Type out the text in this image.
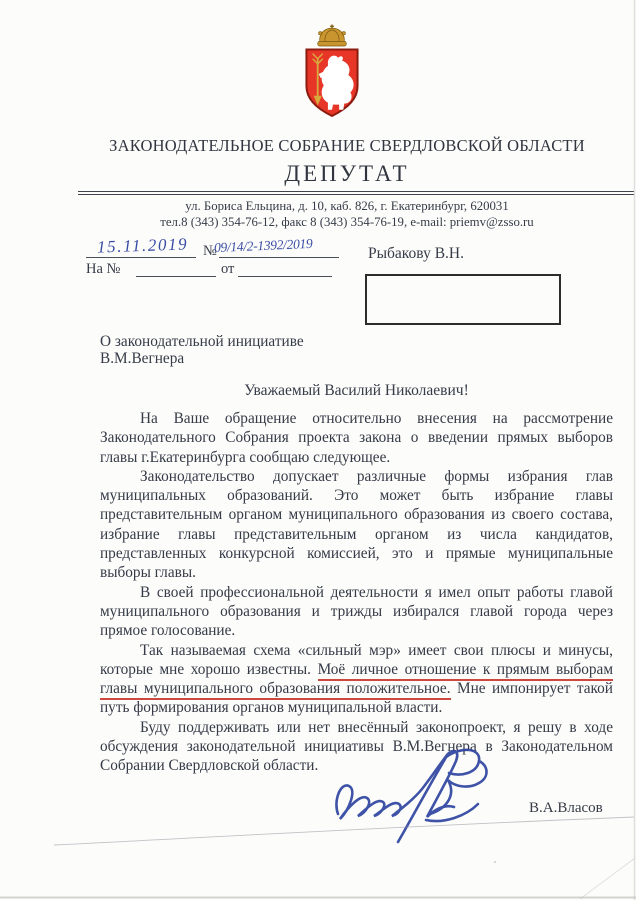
ЗАКОНОДАТЕЛЬНОЕ СОБРАНИЕ СВЕРДЛОВСКОЙ ОБЛАСТИ
ДЕПУТАТ
ул. Бориса Ельцина, д. 10, каб. 826, г. Екатеринбург, 620031
тел.8 (343) 354-76-12, факс 8 (343) 354-76-19, e-mail: priemv@zsso.ru
15.11.2019 №
09/14/2-1392/2019	Рыбакову В.Н.
На №	от
О законодательной инициативе
В.М.Вегнера
Уважаемый Василий Николаевич!

На Ваше обращение относительно внесения на рассмотрение Законодательного Собрания проекта закона о введении прямых выборов главы г.Екатеринбурга сообщаю следующее.

Законодательство допускает различные формы избрания глав муниципальных образований. Это может быть избрание главы представительным органом муниципального образования из своего состава, избрание главы представительным органом из числа кандидатов, представленных конкурсной комиссией, это и прямые муниципальные выборы главы.

В своей профессиональной деятельности я имел опыт работы главой муниципального образования и трижды избирался главой города через прямое голосование.

Так называемая схема «сильный мэр» имеет свои плюсы и минусы, которые мне хорошо известны. Моё личное отношение к прямым выборам главы муниципального образования положительное. Мне импонирует такой путь формирования органов муниципальной власти.

Буду поддерживать или нет внесённый законопроект, я решу в ходе обсуждения законодательной инициативы В.М.Вегнера в Законодательном Собрании Свердловской области.

В.А.Власов
